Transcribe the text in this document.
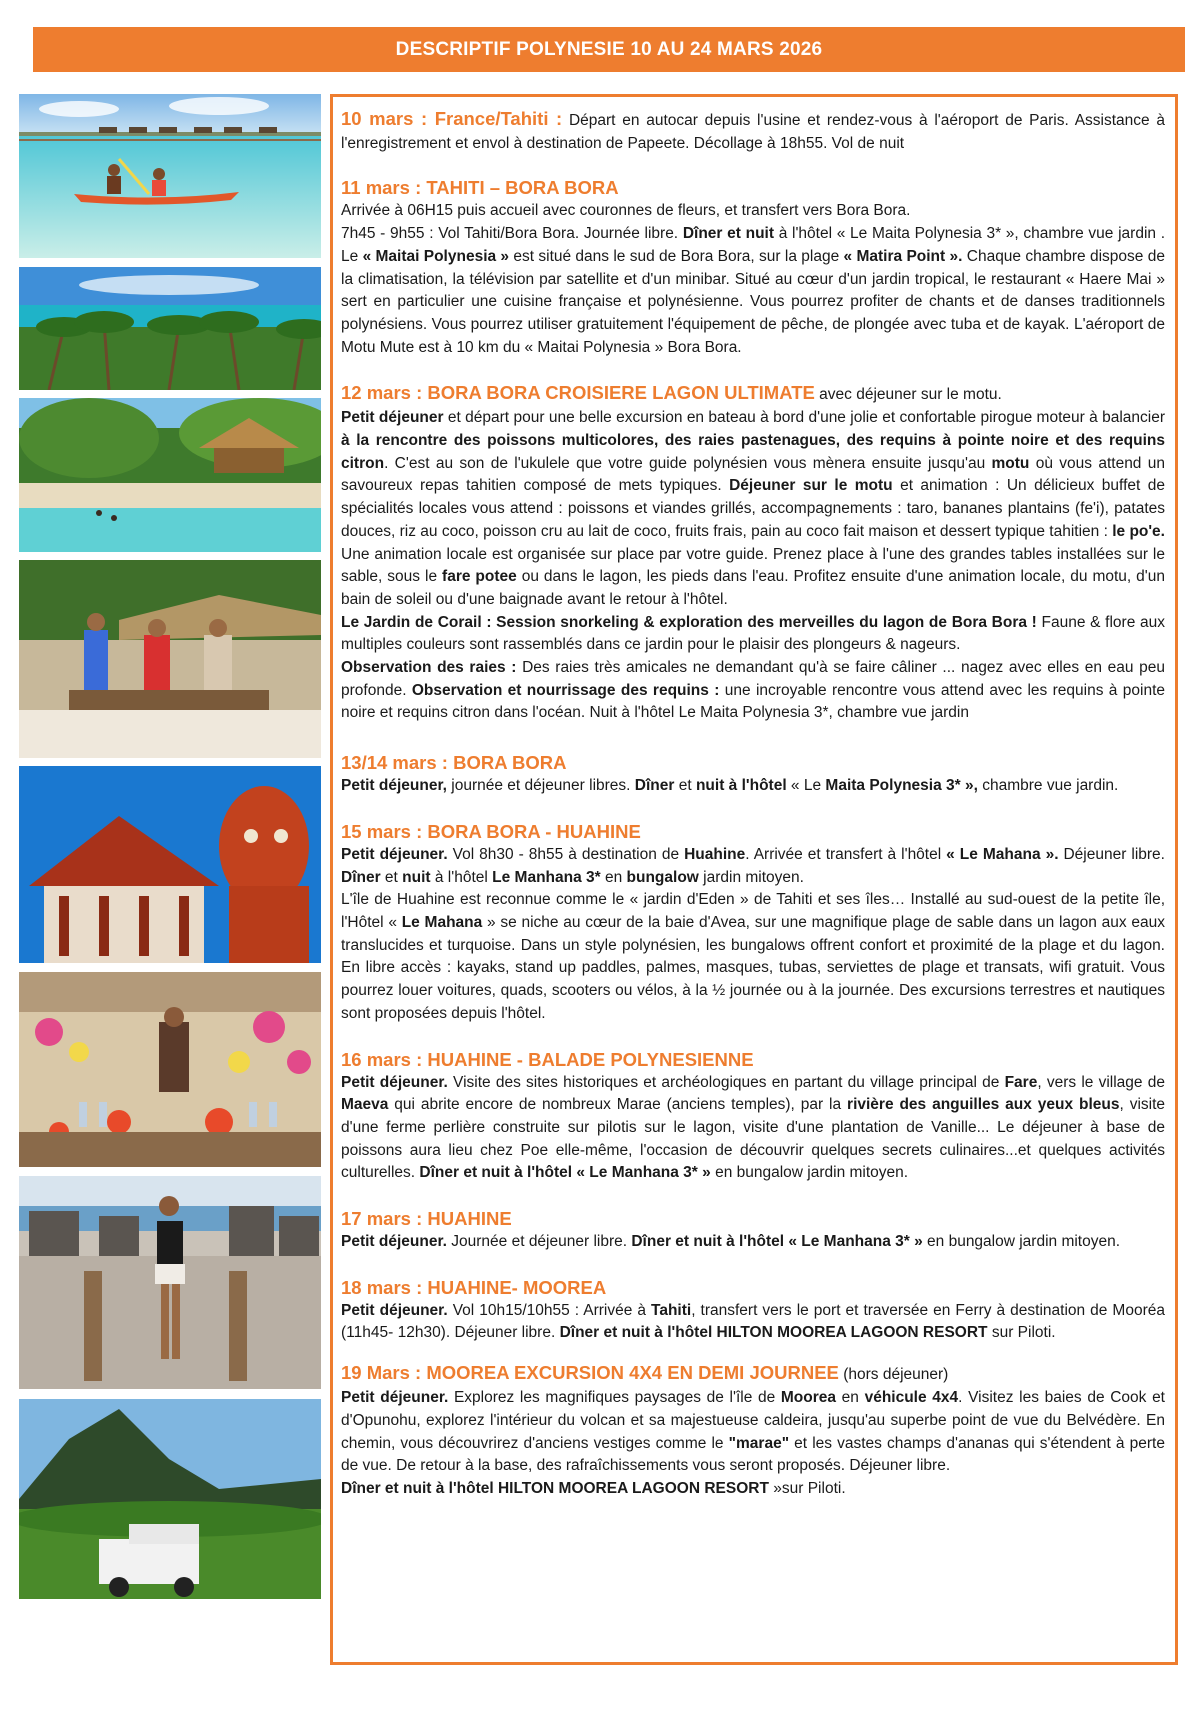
DESCRIPTIF POLYNESIE 10 AU 24 MARS 2026

10 mars : France/Tahiti : Départ en autocar depuis l'usine et rendez-vous à l'aéroport de Paris. Assistance à l'enregistrement et envol à destination de Papeete. Décollage à 18h55. Vol de nuit

11 mars : TAHITI – BORA BORA

Arrivée à 06H15 puis accueil avec couronnes de fleurs, et transfert vers Bora Bora.

7h45 - 9h55 : Vol Tahiti/Bora Bora. Journée libre. Dîner et nuit à l'hôtel « Le Maita Polynesia 3* », chambre vue jardin . Le « Maitai Polynesia » est situé dans le sud de Bora Bora, sur la plage « Matira Point ». Chaque chambre dispose de la climatisation, la télévision par satellite et d'un minibar. Situé au cœur d'un jardin tropical, le restaurant « Haere Mai » sert en particulier une cuisine française et polynésienne. Vous pourrez profiter de chants et de danses traditionnels polynésiens. Vous pourrez utiliser gratuitement l'équipement de pêche, de plongée avec tuba et de kayak. L'aéroport de Motu Mute est à 10 km du « Maitai Polynesia » Bora Bora.

12 mars : BORA BORA CROISIERE LAGON ULTIMATE avec déjeuner sur le motu.

Petit déjeuner et départ pour une belle excursion en bateau à bord d'une jolie et confortable pirogue moteur à balancier à la rencontre des poissons multicolores, des raies pastenagues, des requins à pointe noire et des requins citron. C'est au son de l'ukulele que votre guide polynésien vous mènera ensuite jusqu'au motu où vous attend un savoureux repas tahitien composé de mets typiques. Déjeuner sur le motu et animation : Un délicieux buffet de spécialités locales vous attend : poissons et viandes grillés, accompagnements : taro, bananes plantains (fe'i), patates douces, riz au coco, poisson cru au lait de coco, fruits frais, pain au coco fait maison et dessert typique tahitien : le po'e. Une animation locale est organisée sur place par votre guide. Prenez place à l'une des grandes tables installées sur le sable, sous le fare potee ou dans le lagon, les pieds dans l'eau. Profitez ensuite d'une animation locale, du motu, d'un bain de soleil ou d'une baignade avant le retour à l'hôtel.

Le Jardin de Corail : Session snorkeling & exploration des merveilles du lagon de Bora Bora ! Faune & flore aux multiples couleurs sont rassemblés dans ce jardin pour le plaisir des plongeurs & nageurs.

Observation des raies : Des raies très amicales ne demandant qu'à se faire câliner ... nagez avec elles en eau peu profonde. Observation et nourrissage des requins : une incroyable rencontre vous attend avec les requins à pointe noire et requins citron dans l'océan. Nuit à l'hôtel Le Maita Polynesia 3*, chambre vue jardin

13/14 mars : BORA BORA

Petit déjeuner, journée et déjeuner libres. Dîner et nuit à l'hôtel « Le Maita Polynesia 3* », chambre vue jardin.

15 mars : BORA BORA - HUAHINE

Petit déjeuner. Vol 8h30 - 8h55 à destination de Huahine. Arrivée et transfert à l'hôtel « Le Mahana ». Déjeuner libre. Dîner et nuit à l'hôtel Le Manhana 3* en bungalow jardin mitoyen.

L'île de Huahine est reconnue comme le « jardin d'Eden » de Tahiti et ses îles… Installé au sud-ouest de la petite île, l'Hôtel « Le Mahana » se niche au cœur de la baie d'Avea, sur une magnifique plage de sable dans un lagon aux eaux translucides et turquoise. Dans un style polynésien, les bungalows offrent confort et proximité de la plage et du lagon. En libre accès : kayaks, stand up paddles, palmes, masques, tubas, serviettes de plage et transats, wifi gratuit. Vous pourrez louer voitures, quads, scooters ou vélos, à la ½ journée ou à la journée. Des excursions terrestres et nautiques sont proposées depuis l'hôtel.

16 mars : HUAHINE - BALADE POLYNESIENNE

Petit déjeuner. Visite des sites historiques et archéologiques en partant du village principal de Fare, vers le village de Maeva qui abrite encore de nombreux Marae (anciens temples), par la rivière des anguilles aux yeux bleus, visite d'une ferme perlière construite sur pilotis sur le lagon, visite d'une plantation de Vanille... Le déjeuner à base de poissons aura lieu chez Poe elle-même, l'occasion de découvrir quelques secrets culinaires...et quelques activités culturelles. Dîner et nuit à l'hôtel « Le Manhana 3* » en bungalow jardin mitoyen.

17 mars : HUAHINE

Petit déjeuner. Journée et déjeuner libre. Dîner et nuit à l'hôtel « Le Manhana 3* » en bungalow jardin mitoyen.

18 mars : HUAHINE- MOOREA

Petit déjeuner. Vol 10h15/10h55 : Arrivée à Tahiti, transfert vers le port et traversée en Ferry à destination de Mooréa (11h45- 12h30). Déjeuner libre. Dîner et nuit à l'hôtel HILTON MOOREA LAGOON RESORT sur Piloti.

19 Mars : MOOREA EXCURSION 4X4 EN DEMI JOURNEE (hors déjeuner)

Petit déjeuner. Explorez les magnifiques paysages de l'île de Moorea en véhicule 4x4. Visitez les baies de Cook et d'Opunohu, explorez l'intérieur du volcan et sa majestueuse caldeira, jusqu'au superbe point de vue du Belvédère. En chemin, vous découvrirez d'anciens vestiges comme le "marae" et les vastes champs d'ananas qui s'étendent à perte de vue. De retour à la base, des rafraîchissements vous seront proposés. Déjeuner libre.

Dîner et nuit à l'hôtel HILTON MOOREA LAGOON RESORT »sur Piloti.
